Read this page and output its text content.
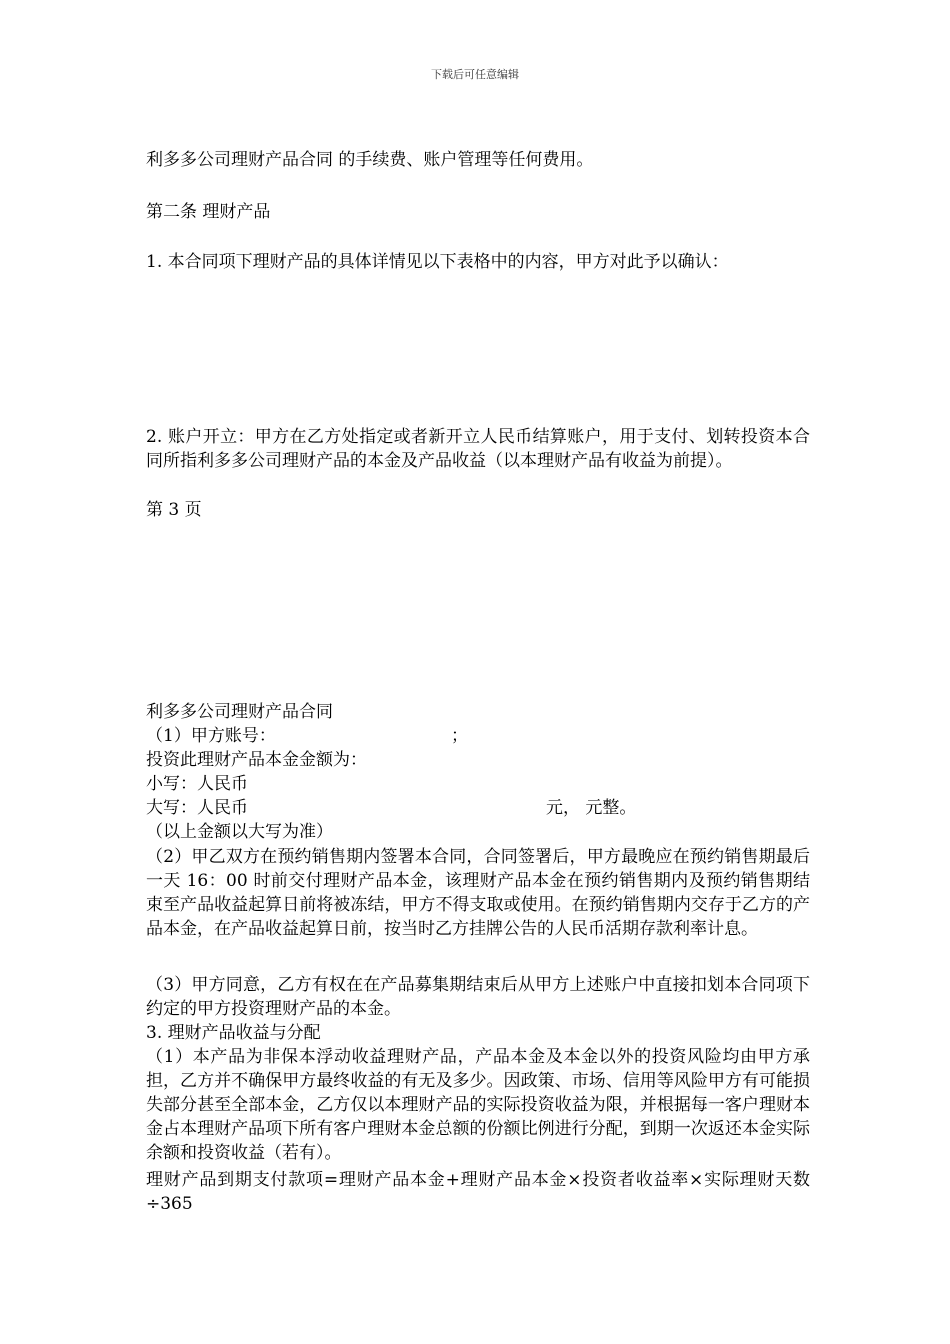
下载后可任意编辑

利多多公司理财产品合同 的手续费、账户管理等任何费用。

第二条 理财产品

1. 本合同项下理财产品的具体详情见以下表格中的内容，甲方对此予以确认：

2. 账户开立：甲方在乙方处指定或者新开立人民币结算账户，用于支付、划转投资本合同所指利多多公司理财产品的本金及产品收益（以本理财产品有收益为前提）。

第 3 页

利多多公司理财产品合同

（1）甲方账号：	；

投资此理财产品本金金额为：

小写：人民币

大写：人民币	元， 元整。

（以上金额以大写为准）

（2）甲乙双方在预约销售期内签署本合同，合同签署后，甲方最晚应在预约销售期最后一天 16：00 时前交付理财产品本金，该理财产品本金在预约销售期内及预约销售期结束至产品收益起算日前将被冻结，甲方不得支取或使用。在预约销售期内交存于乙方的产品本金，在产品收益起算日前，按当时乙方挂牌公告的人民币活期存款利率计息。

（3）甲方同意，乙方有权在在产品募集期结束后从甲方上述账户中直接扣划本合同项下约定的甲方投资理财产品的本金。

3. 理财产品收益与分配

（1）本产品为非保本浮动收益理财产品，产品本金及本金以外的投资风险均由甲方承担，乙方并不确保甲方最终收益的有无及多少。因政策、市场、信用等风险甲方有可能损失部分甚至全部本金，乙方仅以本理财产品的实际投资收益为限，并根据每一客户理财本金占本理财产品项下所有客户理财本金总额的份额比例进行分配，到期一次返还本金实际余额和投资收益（若有）。

理财产品到期支付款项=理财产品本金+理财产品本金×投资者收益率×实际理财天数÷365
